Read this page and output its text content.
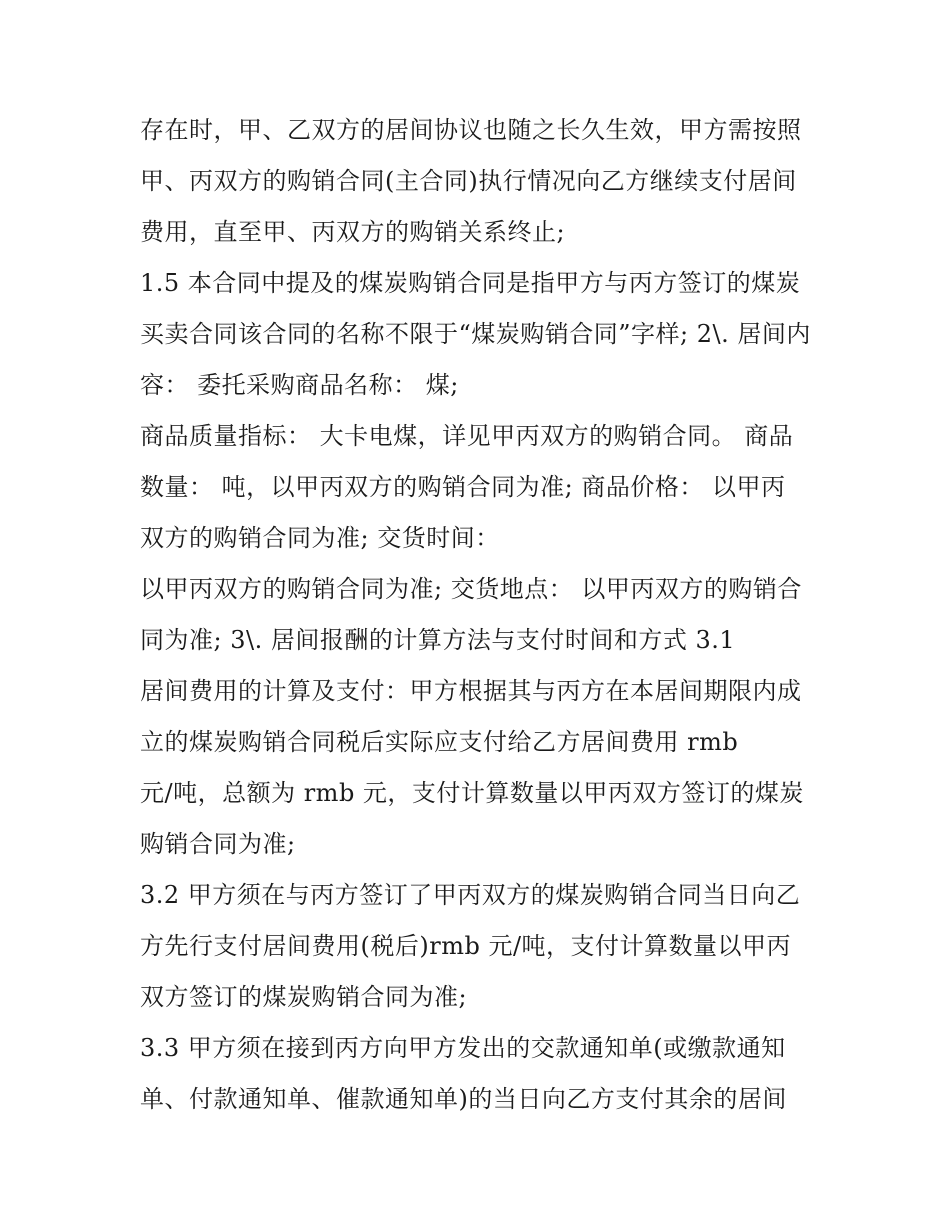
存在时，甲、乙双方的居间协议也随之长久生效，甲方需按照
甲、丙双方的购销合同(主合同)执行情况向乙方继续支付居间
费用，直至甲、丙双方的购销关系终止;
1.5 本合同中提及的煤炭购销合同是指甲方与丙方签订的煤炭
买卖合同该合同的名称不限于“煤炭购销合同”字样; 2\. 居间内
容： 委托采购商品名称： 煤;
商品质量指标： 大卡电煤，详见甲丙双方的购销合同。 商品
数量： 吨，以甲丙双方的购销合同为准; 商品价格： 以甲丙
双方的购销合同为准; 交货时间：
以甲丙双方的购销合同为准; 交货地点： 以甲丙双方的购销合
同为准; 3\. 居间报酬的计算方法与支付时间和方式 3.1
居间费用的计算及支付：甲方根据其与丙方在本居间期限内成
立的煤炭购销合同税后实际应支付给乙方居间费用 rmb
元/吨，总额为 rmb 元，支付计算数量以甲丙双方签订的煤炭
购销合同为准;
3.2 甲方须在与丙方签订了甲丙双方的煤炭购销合同当日向乙
方先行支付居间费用(税后)rmb 元/吨，支付计算数量以甲丙
双方签订的煤炭购销合同为准;
3.3 甲方须在接到丙方向甲方发出的交款通知单(或缴款通知
单、付款通知单、催款通知单)的当日向乙方支付其余的居间
